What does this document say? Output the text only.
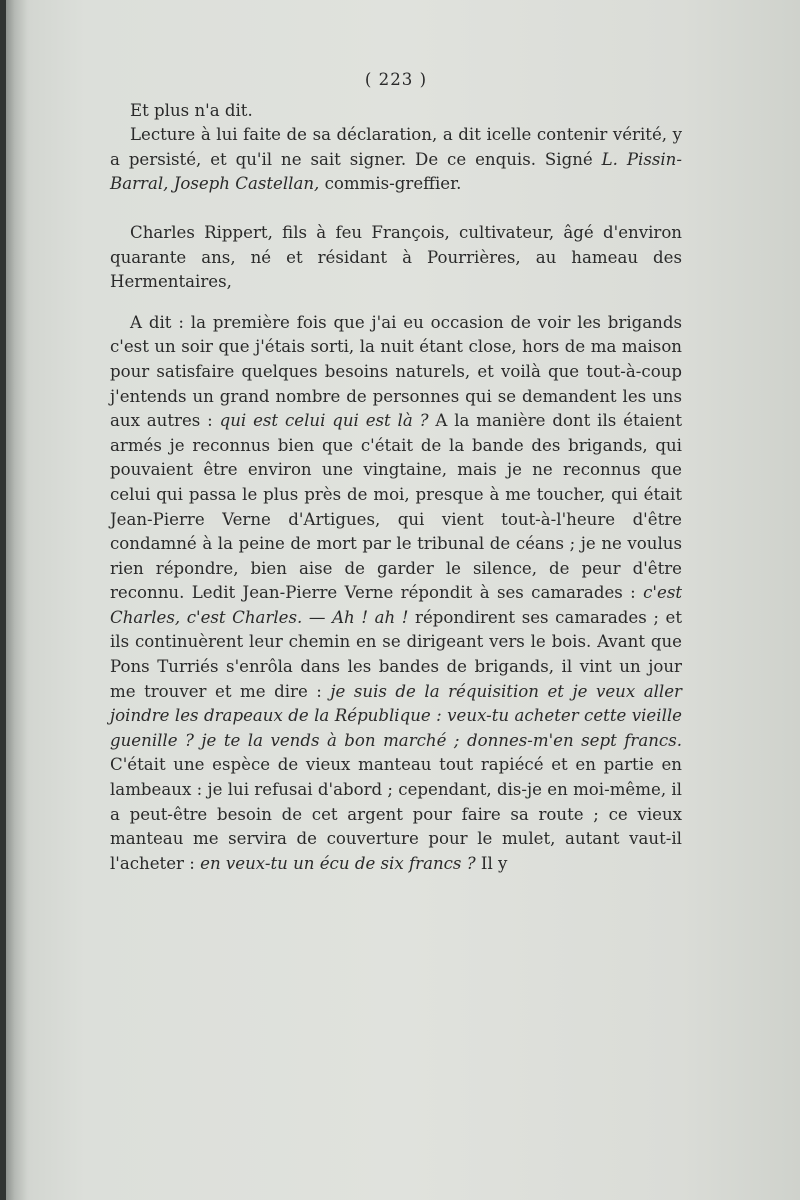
( 223 )

Et plus n'a dit.

Lecture à lui faite de sa déclaration, a dit icelle contenir vérité, y a persisté, et qu'il ne sait signer. De ce enquis. Signé L. Pissin-Barral, Joseph Castellan, commis-greffier.

Charles Rippert, fils à feu François, cultivateur, âgé d'environ quarante ans, né et résidant à Pourrières, au hameau des Hermentaires,

A dit : la première fois que j'ai eu occasion de voir les brigands c'est un soir que j'étais sorti, la nuit étant close, hors de ma maison pour satisfaire quelques besoins naturels, et voilà que tout-à-coup j'entends un grand nombre de personnes qui se demandent les uns aux autres : qui est celui qui est là ? A la manière dont ils étaient armés je reconnus bien que c'était de la bande des brigands, qui pouvaient être environ une vingtaine, mais je ne reconnus que celui qui passa le plus près de moi, presque à me toucher, qui était Jean-Pierre Verne d'Artigues, qui vient tout-à-l'heure d'être condamné à la peine de mort par le tribunal de céans ; je ne voulus rien répondre, bien aise de garder le silence, de peur d'être reconnu. Ledit Jean-Pierre Verne répondit à ses camarades : c'est Charles, c'est Charles. — Ah ! ah ! répondirent ses camarades ; et ils continuèrent leur chemin en se dirigeant vers le bois. Avant que Pons Turriés s'enrôla dans les bandes de brigands, il vint un jour me trouver et me dire : je suis de la réquisition et je veux aller joindre les drapeaux de la République : veux-tu acheter cette vieille guenille ? je te la vends à bon marché ; donnes-m'en sept francs. C'était une espèce de vieux manteau tout rapiécé et en partie en lambeaux : je lui refusai d'abord ; cependant, dis-je en moi-même, il a peut-être besoin de cet argent pour faire sa route ; ce vieux manteau me servira de couverture pour le mulet, autant vaut-il l'acheter : en veux-tu un écu de six francs ? Il y
